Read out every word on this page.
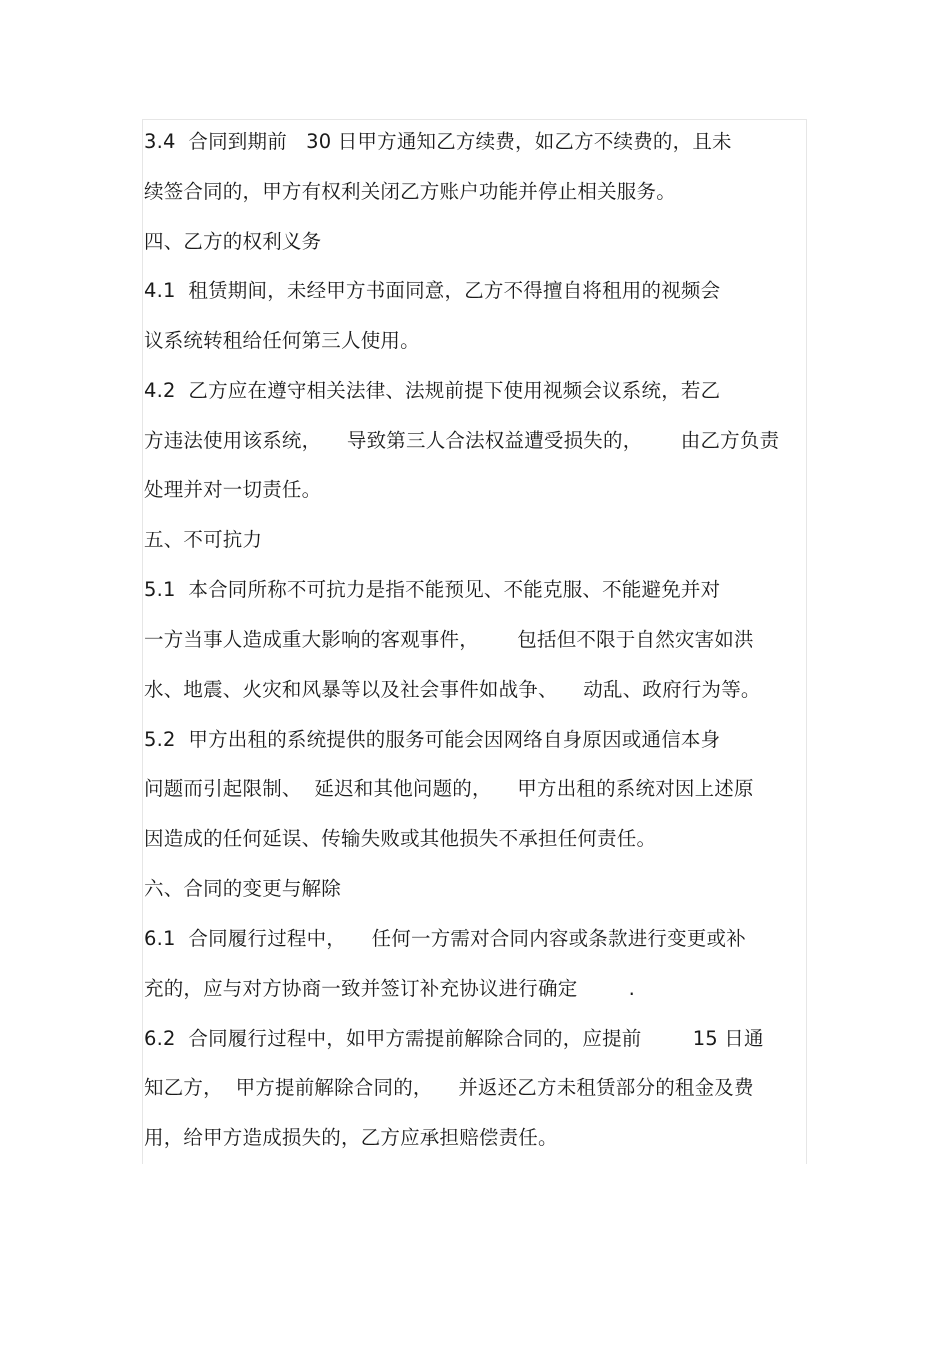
3.4  合同到期前   30 日甲方通知乙方续费，如乙方不续费的，且未
续签合同的，甲方有权利关闭乙方账户功能并停止相关服务。
四、乙方的权利义务
4.1  租赁期间，未经甲方书面同意，乙方不得擅自将租用的视频会
议系统转租给任何第三人使用。
4.2  乙方应在遵守相关法律、法规前提下使用视频会议系统，若乙
方违法使用该系统，    导致第三人合法权益遭受损失的，      由乙方负责
处理并对一切责任。
五、不可抗力
5.1  本合同所称不可抗力是指不能预见、不能克服、不能避免并对
一方当事人造成重大影响的客观事件，      包括但不限于自然灾害如洪
水、地震、火灾和风暴等以及社会事件如战争、    动乱、政府行为等。
5.2  甲方出租的系统提供的服务可能会因网络自身原因或通信本身
问题而引起限制、  延迟和其他问题的，    甲方出租的系统对因上述原
因造成的任何延误、传输失败或其他损失不承担任何责任。
六、合同的变更与解除
6.1  合同履行过程中，    任何一方需对合同内容或条款进行变更或补
充的，应与对方协商一致并签订补充协议进行确定        .
6.2  合同履行过程中，如甲方需提前解除合同的，应提前        15 日通
知乙方，  甲方提前解除合同的，    并返还乙方未租赁部分的租金及费
用，给甲方造成损失的，乙方应承担赔偿责任。
